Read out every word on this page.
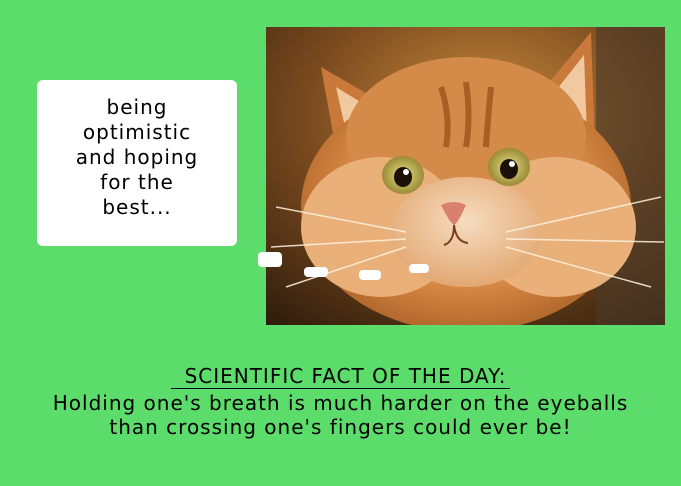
being
optimistic
and hoping
for the
best...
SCIENTIFIC FACT OF THE DAY:
Holding one's breath is much harder on the eyeballs
than crossing one's fingers could ever be!
